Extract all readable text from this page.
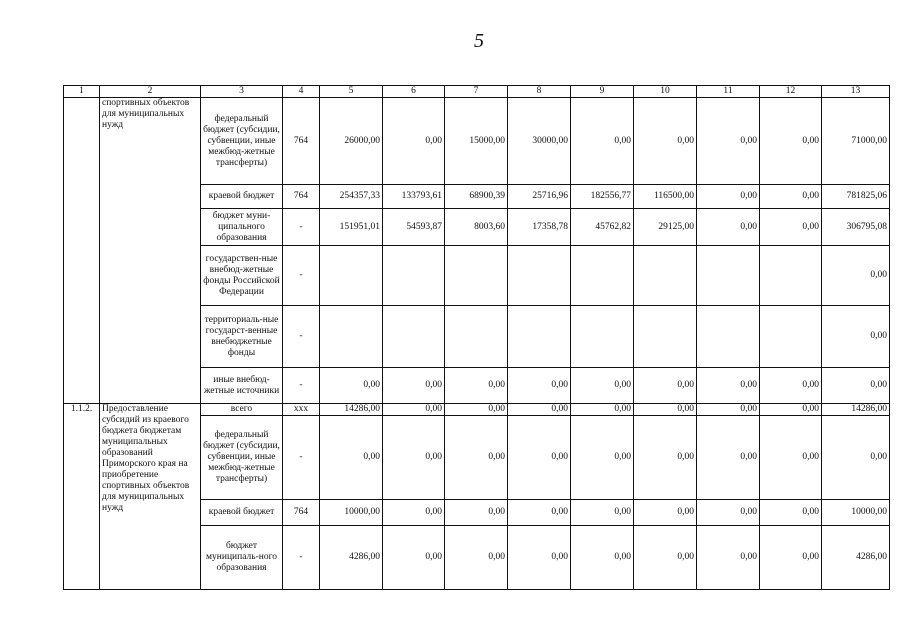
5
1	2	3	4	5	6	7	8	9	10	11	12	13
	спортивных объектов для муниципальных нужд	федеральный бюджет (субсидии, субвенции, иные межбюд-жетные трансферты)	764	26000,00	0,00	15000,00	30000,00	0,00	0,00	0,00	0,00	71000,00
		краевой бюджет	764	254357,33	133793,61	68900,39	25716,96	182556,77	116500,00	0,00	0,00	781825,06
		бюджет муни-ципального образования	-	151951,01	54593,87	8003,60	17358,78	45762,82	29125,00	0,00	0,00	306795,08
		государствен-ные внебюд-жетные фонды Российской Федерации	-									0,00
		территориаль-ные государст-венные внебюджетные фонды	-									0,00
		иные внебюд-жетные источники	-	0,00	0,00	0,00	0,00	0,00	0,00	0,00	0,00	0,00
1.1.2.	Предоставление субсидий из краевого бюджета бюджетам муниципальных образований Приморского края на приобретение спортивных объектов для муниципальных нужд	всего	ххх	14286,00	0,00	0,00	0,00	0,00	0,00	0,00	0,00	14286,00
		федеральный бюджет (субсидии, субвенции, иные межбюд-жетные трансферты)	-	0,00	0,00	0,00	0,00	0,00	0,00	0,00	0,00	0,00
		краевой бюджет	764	10000,00	0,00	0,00	0,00	0,00	0,00	0,00	0,00	10000,00
		бюджет муниципаль-ного образования	-	4286,00	0,00	0,00	0,00	0,00	0,00	0,00	0,00	4286,00
